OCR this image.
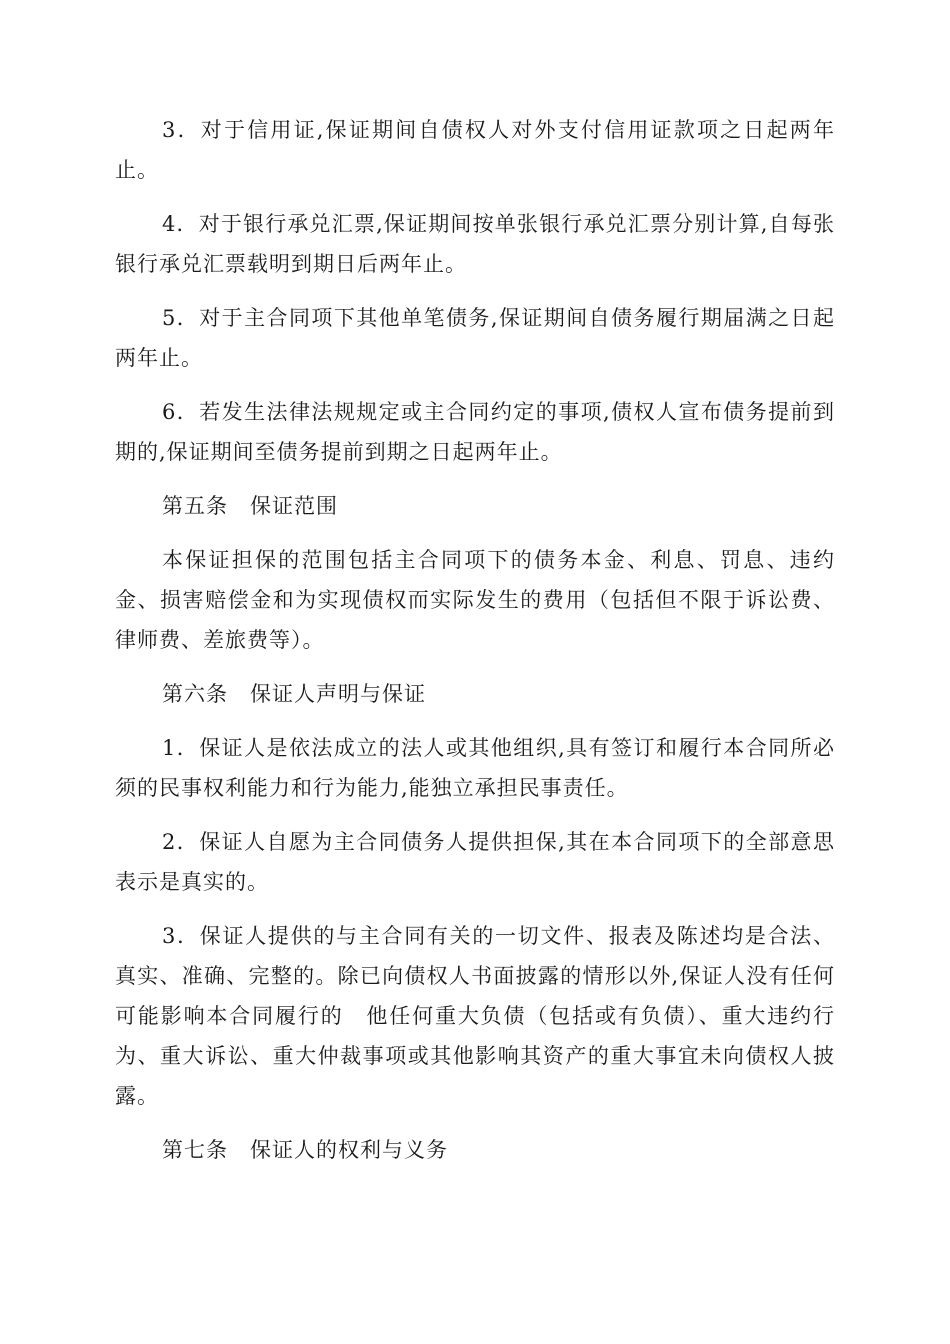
3．对于信用证,保证期间自债权人对外支付信用证款项之日起两年止。

4．对于银行承兑汇票,保证期间按单张银行承兑汇票分别计算,自每张银行承兑汇票载明到期日后两年止。

5．对于主合同项下其他单笔债务,保证期间自债务履行期届满之日起两年止。

6．若发生法律法规规定或主合同约定的事项,债权人宣布债务提前到期的,保证期间至债务提前到期之日起两年止。

第五条　保证范围

本保证担保的范围包括主合同项下的债务本金、利息、罚息、违约金、损害赔偿金和为实现债权而实际发生的费用（包括但不限于诉讼费、律师费、差旅费等）。

第六条　保证人声明与保证

1．保证人是依法成立的法人或其他组织,具有签订和履行本合同所必须的民事权利能力和行为能力,能独立承担民事责任。

2．保证人自愿为主合同债务人提供担保,其在本合同项下的全部意思表示是真实的。

3．保证人提供的与主合同有关的一切文件、报表及陈述均是合法、真实、准确、完整的。除已向债权人书面披露的情形以外,保证人没有任何可能影响本合同履行的　他任何重大负债（包括或有负债）、重大违约行为、重大诉讼、重大仲裁事项或其他影响其资产的重大事宜未向债权人披露。

第七条　保证人的权利与义务
